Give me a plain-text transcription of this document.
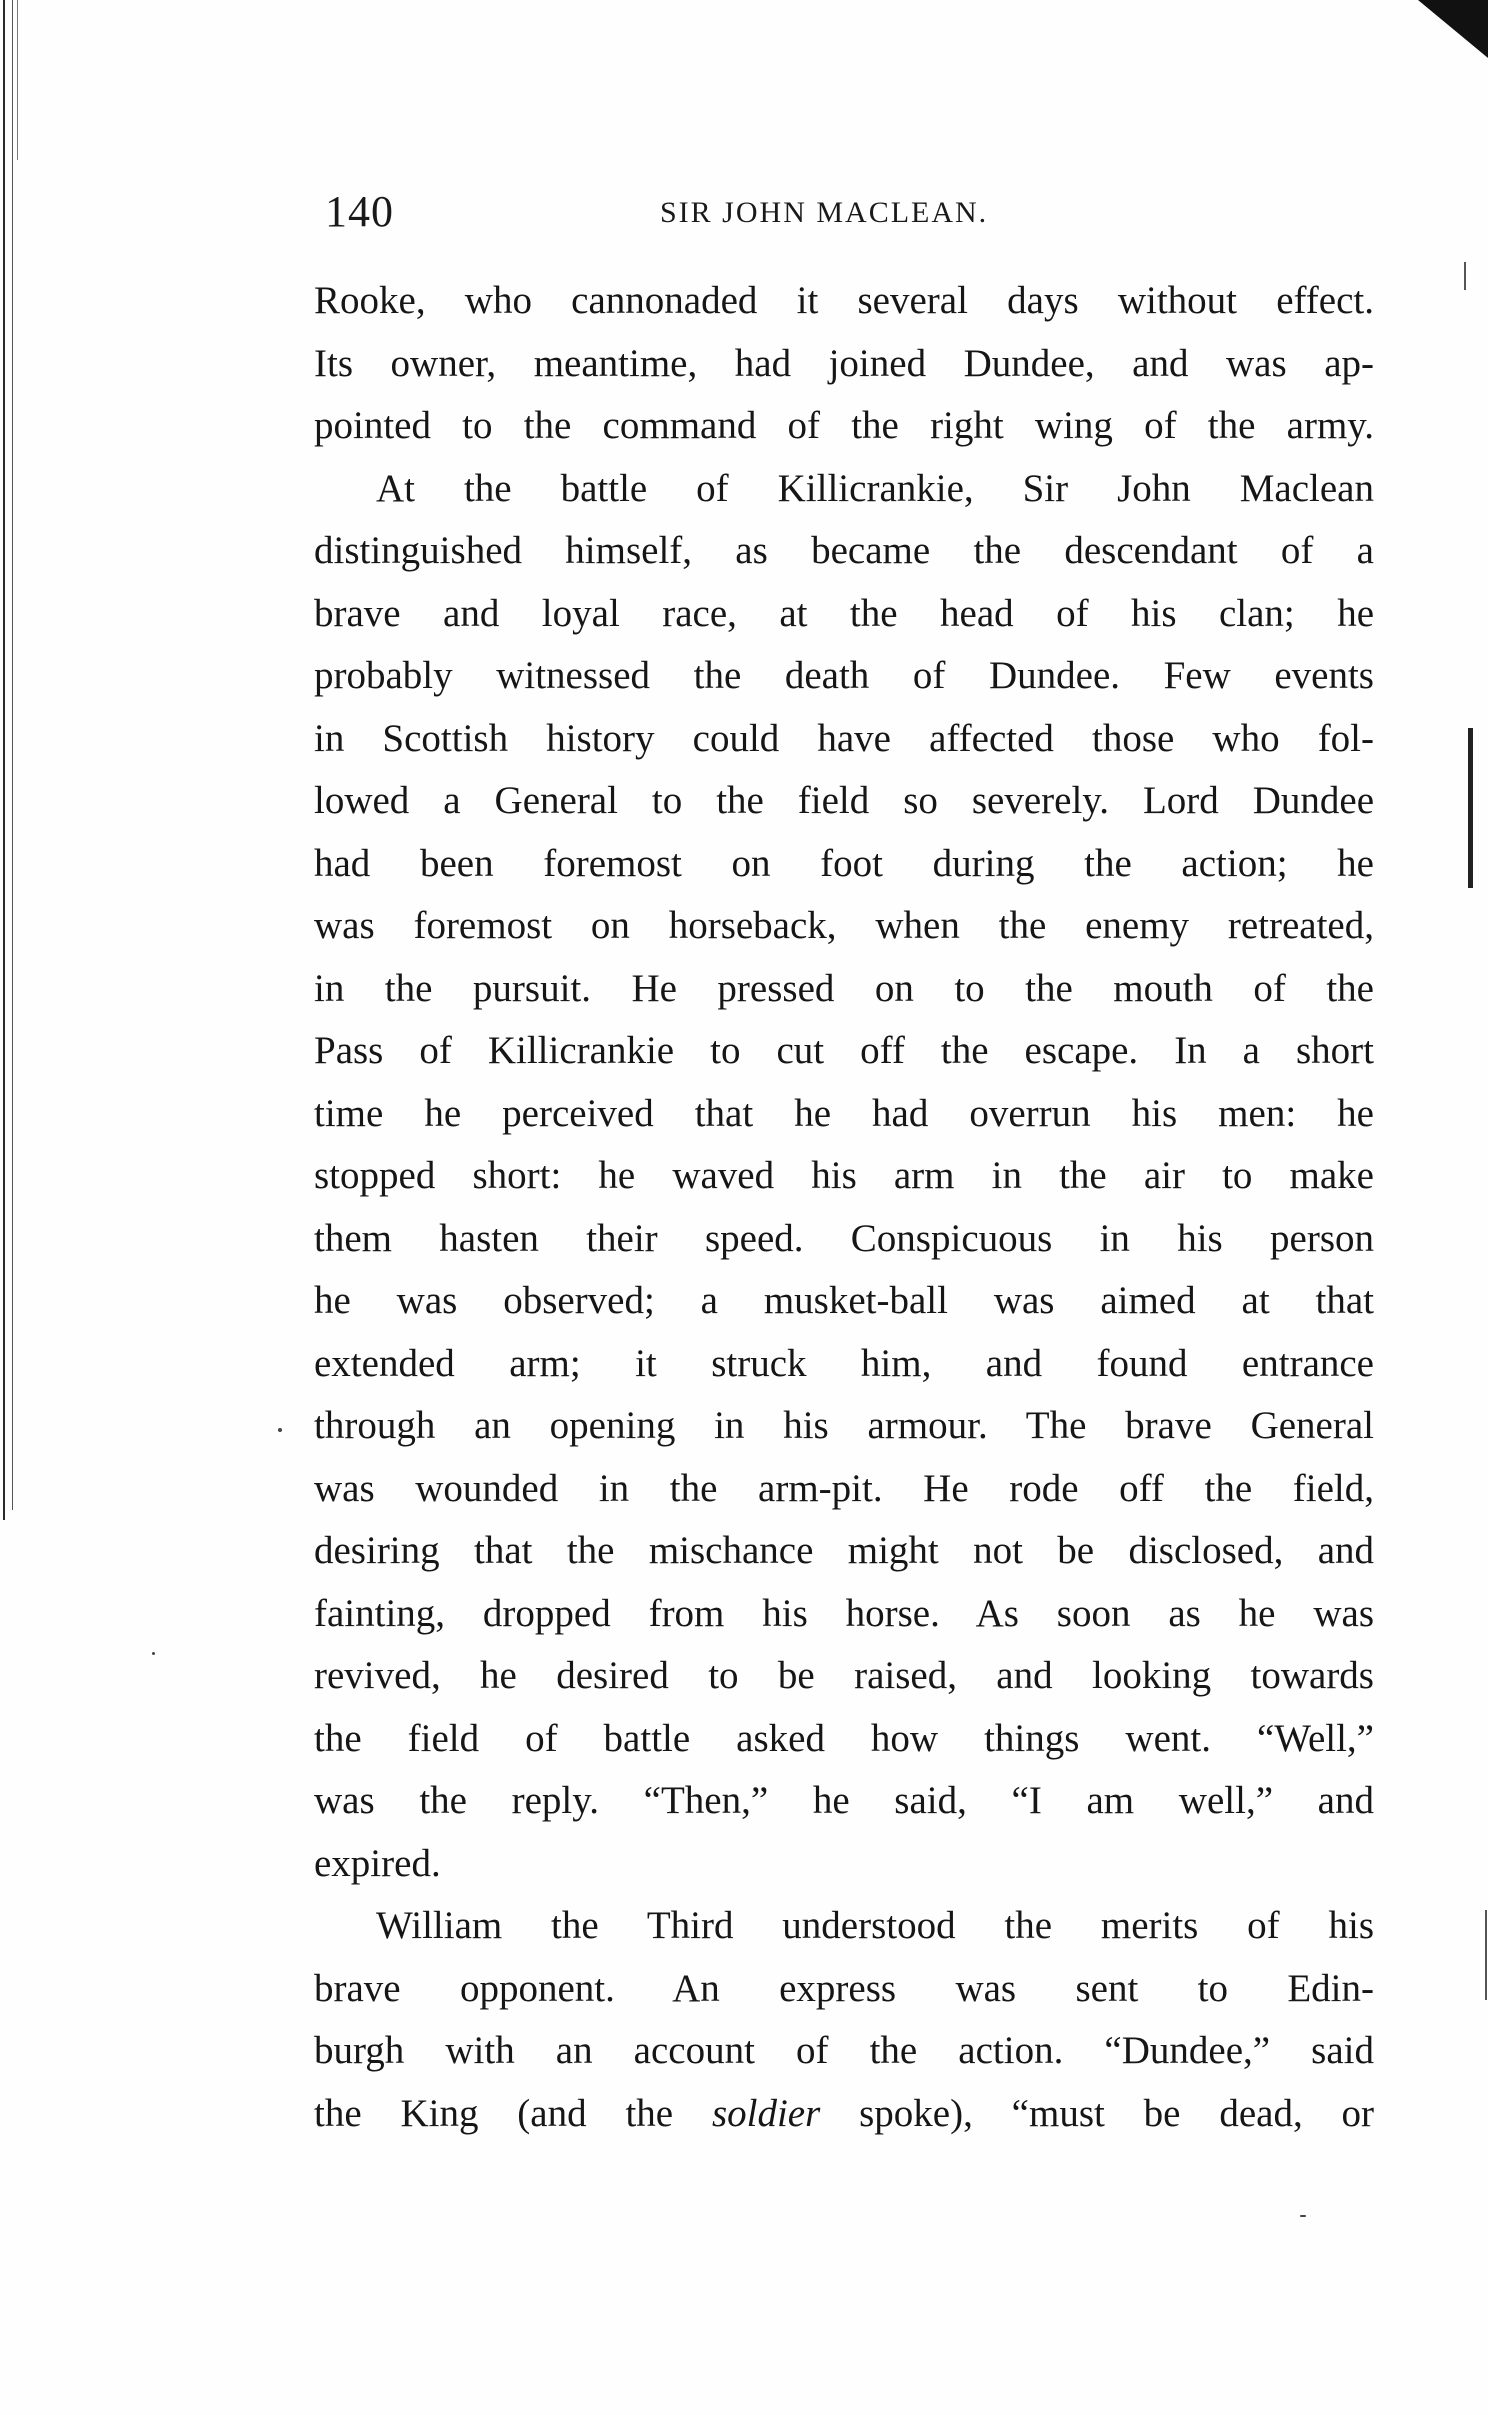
140	SIR JOHN MACLEAN.
Rooke, who cannonaded it several days without effect.
Its owner, meantime, had joined Dundee, and was ap-
pointed to the command of the right wing of the army.
At the battle of Killicrankie, Sir John Maclean
distinguished himself, as became the descendant of a
brave and loyal race, at the head of his clan; he
probably witnessed the death of Dundee. Few events
in Scottish history could have affected those who fol-
lowed a General to the field so severely. Lord Dundee
had been foremost on foot during the action; he
was foremost on horseback, when the enemy retreated,
in the pursuit. He pressed on to the mouth of the
Pass of Killicrankie to cut off the escape. In a short
time he perceived that he had overrun his men: he
stopped short: he waved his arm in the air to make
them hasten their speed. Conspicuous in his person
he was observed; a musket-ball was aimed at that
extended arm; it struck him, and found entrance
through an opening in his armour. The brave General
was wounded in the arm-pit. He rode off the field,
desiring that the mischance might not be disclosed, and
fainting, dropped from his horse. As soon as he was
revived, he desired to be raised, and looking towards
the field of battle asked how things went. “Well,”
was the reply. “Then,” he said, “I am well,” and
expired.
William the Third understood the merits of his
brave opponent. An express was sent to Edin-
burgh with an account of the action. “Dundee,” said
the King (and the soldier spoke), “must be dead, or
